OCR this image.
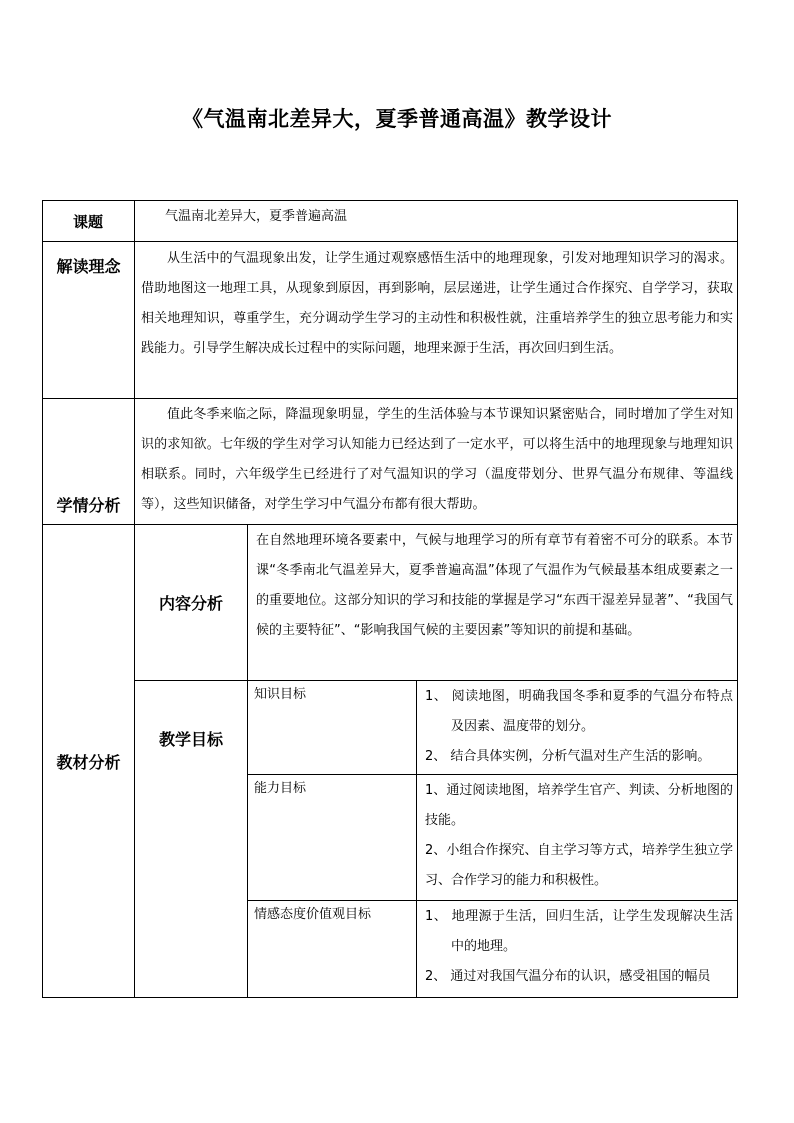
《气温南北差异大，夏季普通高温》教学设计
课题	气温南北差异大，夏季普遍高温		

解读理念	从生活中的气温现象出发，让学生通过观察感悟生活中的地理现象，引发对地理知识学习的渴求。借助地图这一地理工具，从现象到原因，再到影响，层层递进，让学生通过合作探究、自学学习，获取相关地理知识，尊重学生，充分调动学生学习的主动性和积极性就，注重培养学生的独立思考能力和实践能力。引导学生解决成长过程中的实际问题，地理来源于生活，再次回归到生活。		

学情分析	值此冬季来临之际，降温现象明显，学生的生活体验与本节课知识紧密贴合，同时增加了学生对知识的求知欲。七年级的学生对学习认知能力已经达到了一定水平，可以将生活中的地理现象与地理知识相联系。同时，六年级学生已经进行了对气温知识的学习（温度带划分、世界气温分布规律、等温线等），这些知识储备，对学生学习中气温分布都有很大帮助。		

教材分析	内容分析	在自然地理环境各要素中，气候与地理学习的所有章节有着密不可分的联系。本节课“冬季南北气温差异大，夏季普遍高温”体现了气温作为气候最基本组成要素之一的重要地位。这部分知识的学习和技能的掌握是学习“东西干湿差异显著”、“我国气候的主要特征”、“影响我国气候的主要因素”等知识的前提和基础。	

	教学目标	知识目标	1、 阅读地图，明确我国冬季和夏季的气温分布特点及因素、温度带的划分。
2、 结合具体实例，分析气温对生产生活的影响。

		能力目标	1、通过阅读地图，培养学生官产、判读、分析地图的技能。
2、小组合作探究、自主学习等方式，培养学生独立学习、合作学习的能力和积极性。

		情感态度价值观目标	1、 地理源于生活，回归生活，让学生发现解决生活中的地理。
2、 通过对我国气温分布的认识，感受祖国的幅员
